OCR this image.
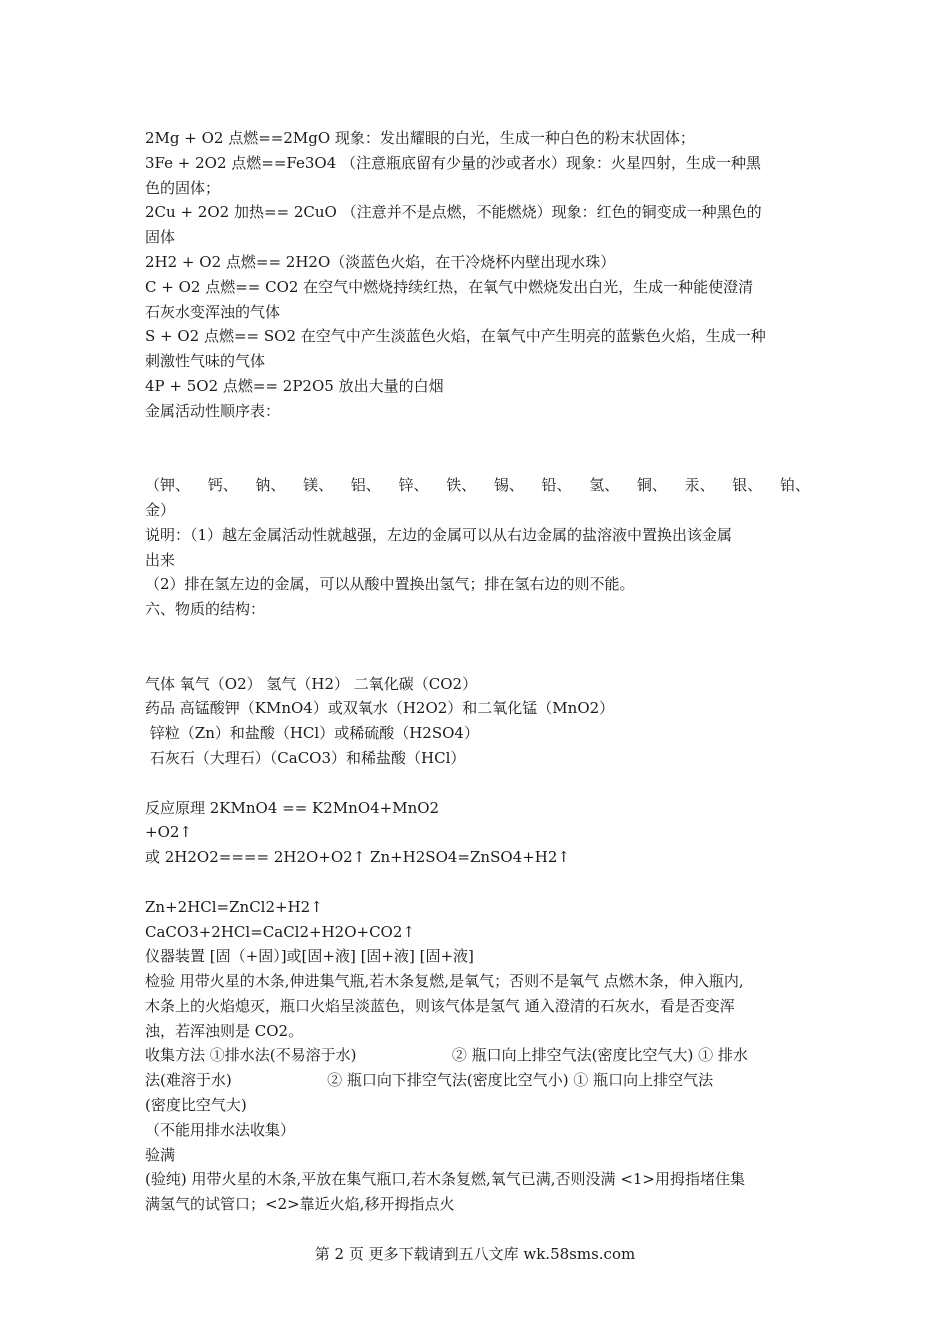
2Mg + O2 点燃==2MgO 现象：发出耀眼的白光，生成一种白色的粉末状固体；
3Fe + 2O2 点燃==Fe3O4 （注意瓶底留有少量的沙或者水）现象：火星四射，生成一种黑
色的固体；
2Cu + 2O2 加热== 2CuO （注意并不是点燃，不能燃烧）现象：红色的铜变成一种黑色的
固体
2H2 + O2 点燃== 2H2O（淡蓝色火焰，在干冷烧杯内壁出现水珠）
C + O2 点燃== CO2 在空气中燃烧持续红热，在氧气中燃烧发出白光，生成一种能使澄清
石灰水变浑浊的气体
S + O2 点燃== SO2 在空气中产生淡蓝色火焰，在氧气中产生明亮的蓝紫色火焰，生成一种
刺激性气味的气体
4P + 5O2 点燃== 2P2O5 放出大量的白烟
金属活动性顺序表：
（钾、 钙、 钠、 镁、 铝、 锌、 铁、 锡、 铅、 氢、 铜、 汞、 银、 铂、
金）
说明：（1）越左金属活动性就越强，左边的金属可以从右边金属的盐溶液中置换出该金属
出来
（2）排在氢左边的金属，可以从酸中置换出氢气；排在氢右边的则不能。
六、物质的结构：
气体 氧气（O2） 氢气（H2） 二氧化碳（CO2）
药品 高锰酸钾（KMnO4）或双氧水（H2O2）和二氧化锰（MnO2）
锌粒（Zn）和盐酸（HCl）或稀硫酸（H2SO4）
石灰石（大理石）（CaCO3）和稀盐酸（HCl）
反应原理 2KMnO4 == K2MnO4+MnO2
+O2↑
或 2H2O2==== 2H2O+O2↑ Zn+H2SO4=ZnSO4+H2↑
Zn+2HCl=ZnCl2+H2↑
CaCO3+2HCl=CaCl2+H2O+CO2↑
仪器装置 [固（+固）]或[固+液] [固+液] [固+液]
检验 用带火星的木条,伸进集气瓶,若木条复燃,是氧气；否则不是氧气 点燃木条，伸入瓶内,
木条上的火焰熄灭，瓶口火焰呈淡蓝色，则该气体是氢气 通入澄清的石灰水，看是否变浑
浊，若浑浊则是 CO2。
收集方法 ①排水法(不易溶于水)                    ② 瓶口向上排空气法(密度比空气大) ① 排水
法(难溶于水)                    ② 瓶口向下排空气法(密度比空气小) ① 瓶口向上排空气法
(密度比空气大)
（不能用排水法收集）
验满
(验纯) 用带火星的木条,平放在集气瓶口,若木条复燃,氧气已满,否则没满 <1>用拇指堵住集
满氢气的试管口；<2>靠近火焰,移开拇指点火
第 2 页 更多下载请到五八文库 wk.58sms.com
